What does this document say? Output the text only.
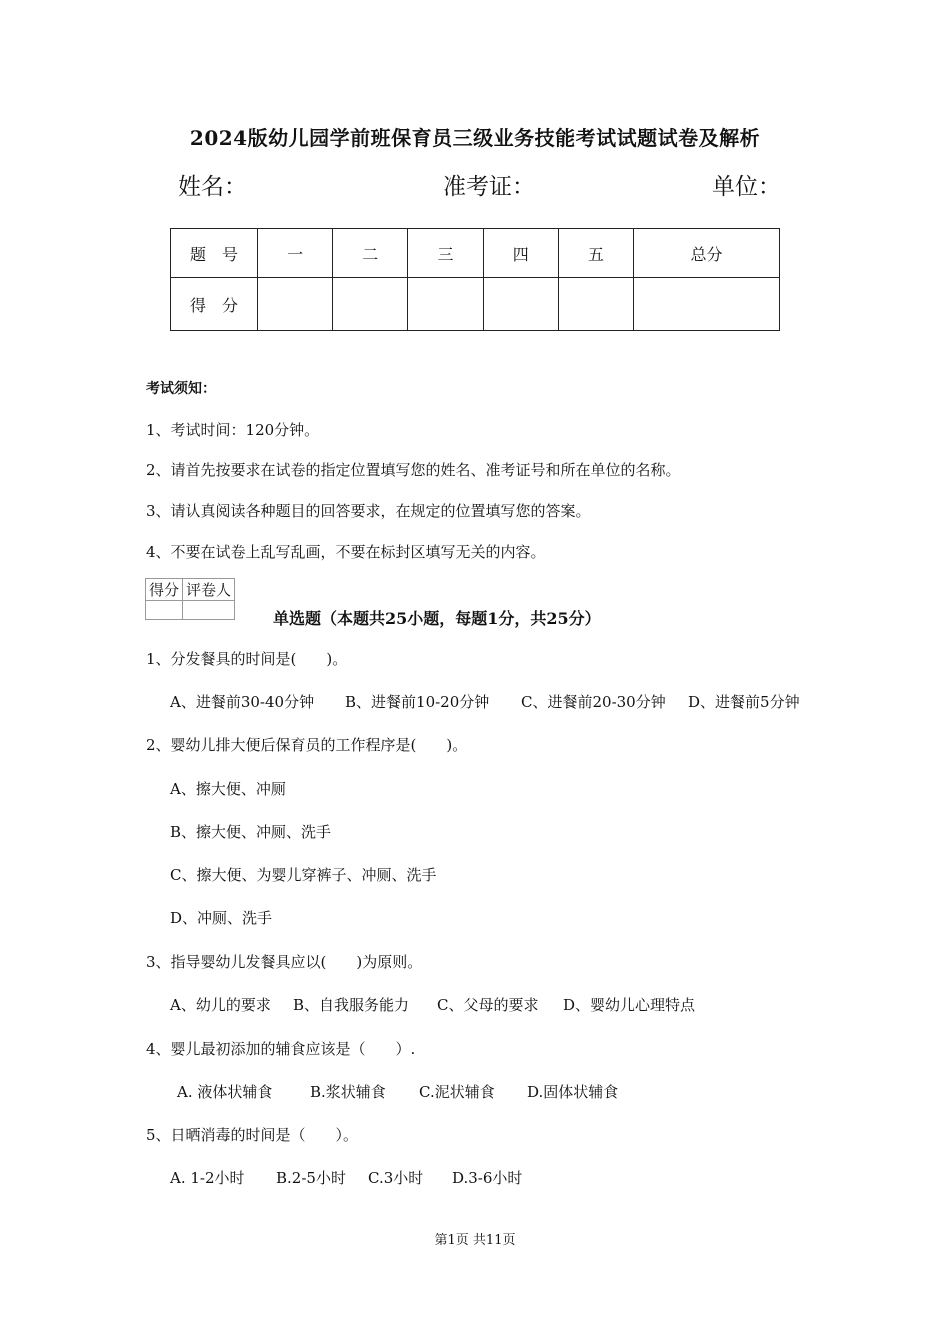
2024版幼儿园学前班保育员三级业务技能考试试题试卷及解析
姓名：	准考证：	单位：
题　号	一	二	三	四	五	总分
得　分						
考试须知：
1、考试时间：120分钟。
2、请首先按要求在试卷的指定位置填写您的姓名、准考证号和所在单位的名称。
3、请认真阅读各种题目的回答要求，在规定的位置填写您的答案。
4、不要在试卷上乱写乱画，不要在标封区填写无关的内容。
得分	评卷人

单选题（本题共25小题，每题1分，共25分）
1、分发餐具的时间是(　　)。
A、进餐前30-40分钟 B、进餐前10-20分钟 C、进餐前20-30分钟 D、进餐前5分钟
2、婴幼儿排大便后保育员的工作程序是(　　)。
A、擦大便、冲厕
B、擦大便、冲厕、洗手
C、擦大便、为婴儿穿裤子、冲厕、洗手
D、冲厕、洗手
3、指导婴幼儿发餐具应以(　　)为原则。
A、幼儿的要求 B、自我服务能力 C、父母的要求 D、婴幼儿心理特点
4、婴儿最初添加的辅食应该是（　　）.
A. 液体状辅食	B.浆状辅食 C.泥状辅食 D.固体状辅食
5、日晒消毒的时间是（　　）。
A. 1-2小时 B.2-5小时 C.3小时 D.3-6小时
第1页 共11页
